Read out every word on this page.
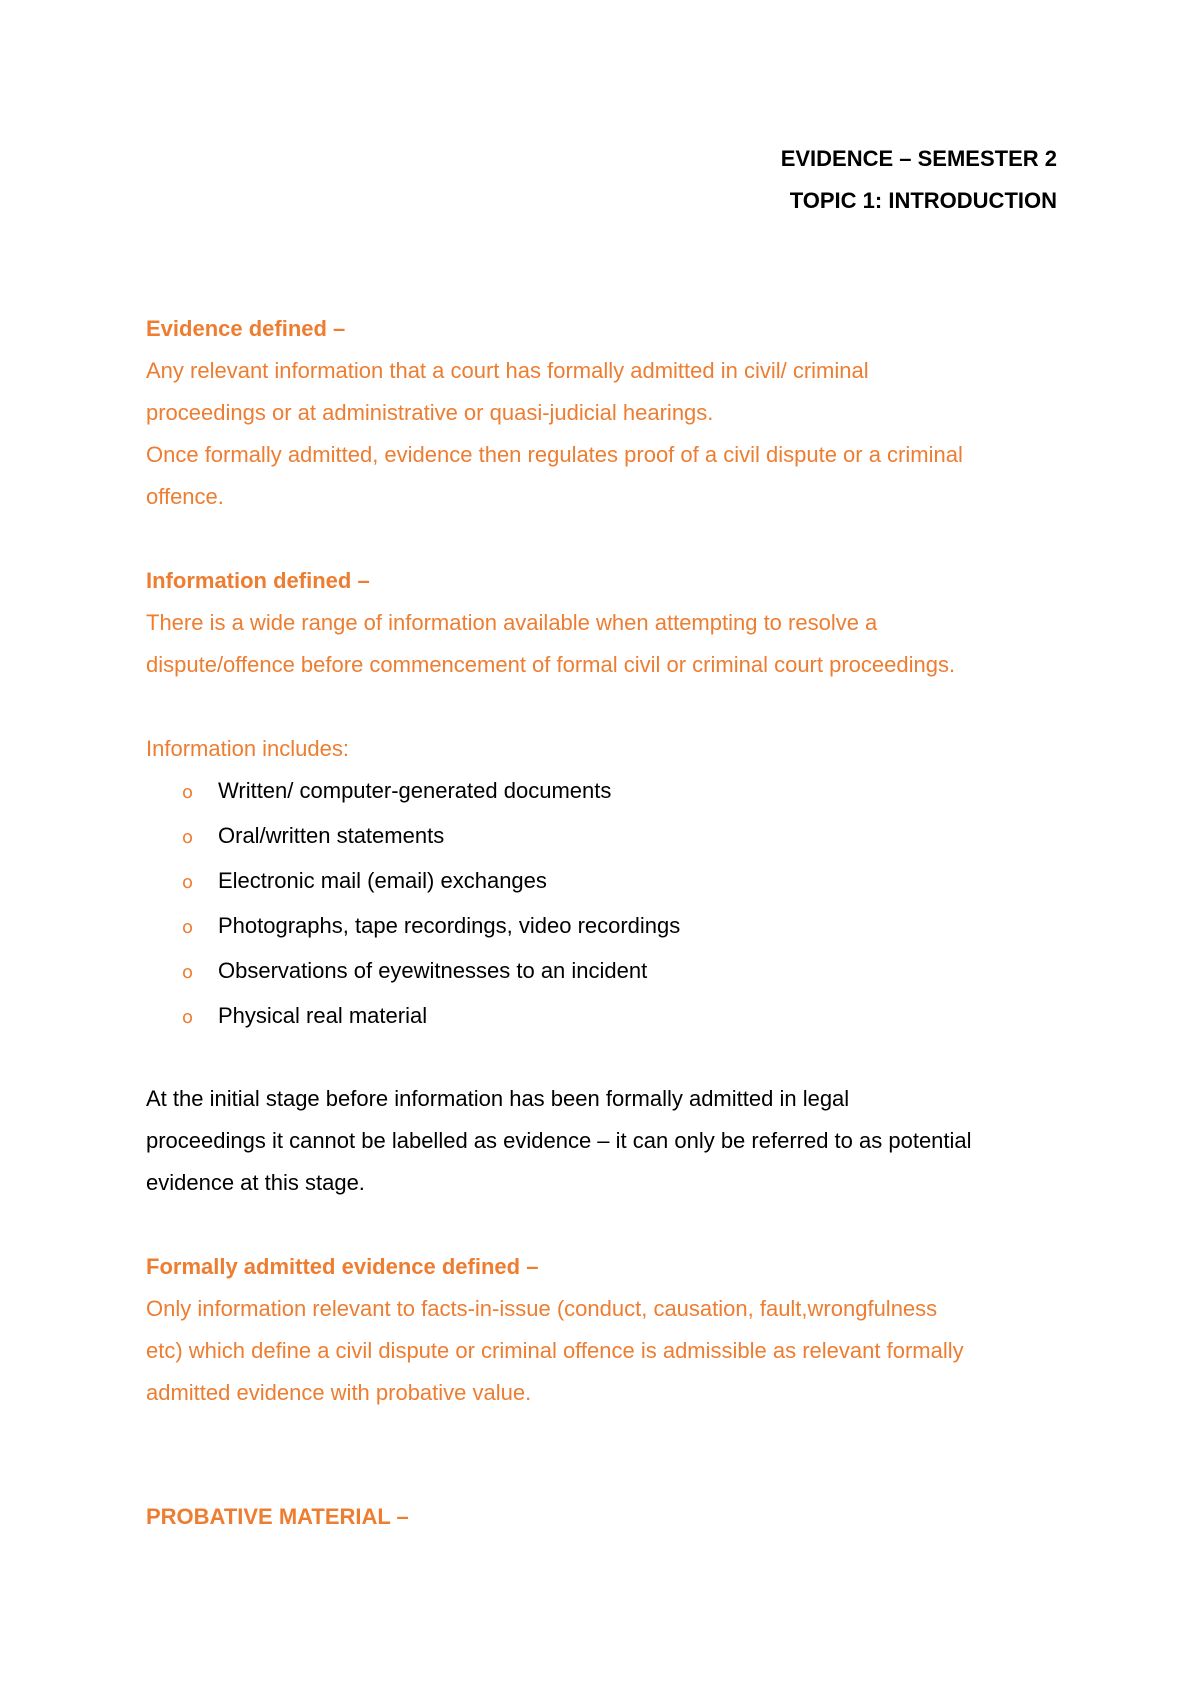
EVIDENCE – SEMESTER 2
TOPIC 1: INTRODUCTION
Evidence defined –
Any relevant information that a court has formally admitted in civil/ criminal
proceedings or at administrative or quasi-judicial hearings.
Once formally admitted, evidence then regulates proof of a civil dispute or a criminal
offence.
Information defined –
There is a wide range of information available when attempting to resolve a
dispute/offence before commencement of formal civil or criminal court proceedings.
Information includes:
o Written/ computer-generated documents
o Oral/written statements
o Electronic mail (email) exchanges
o Photographs, tape recordings, video recordings
o Observations of eyewitnesses to an incident
o Physical real material
At the initial stage before information has been formally admitted in legal
proceedings it cannot be labelled as evidence – it can only be referred to as potential
evidence at this stage.
Formally admitted evidence defined –
Only information relevant to facts-in-issue (conduct, causation, fault,wrongfulness
etc) which define a civil dispute or criminal offence is admissible as relevant formally
admitted evidence with probative value.
PROBATIVE MATERIAL –
